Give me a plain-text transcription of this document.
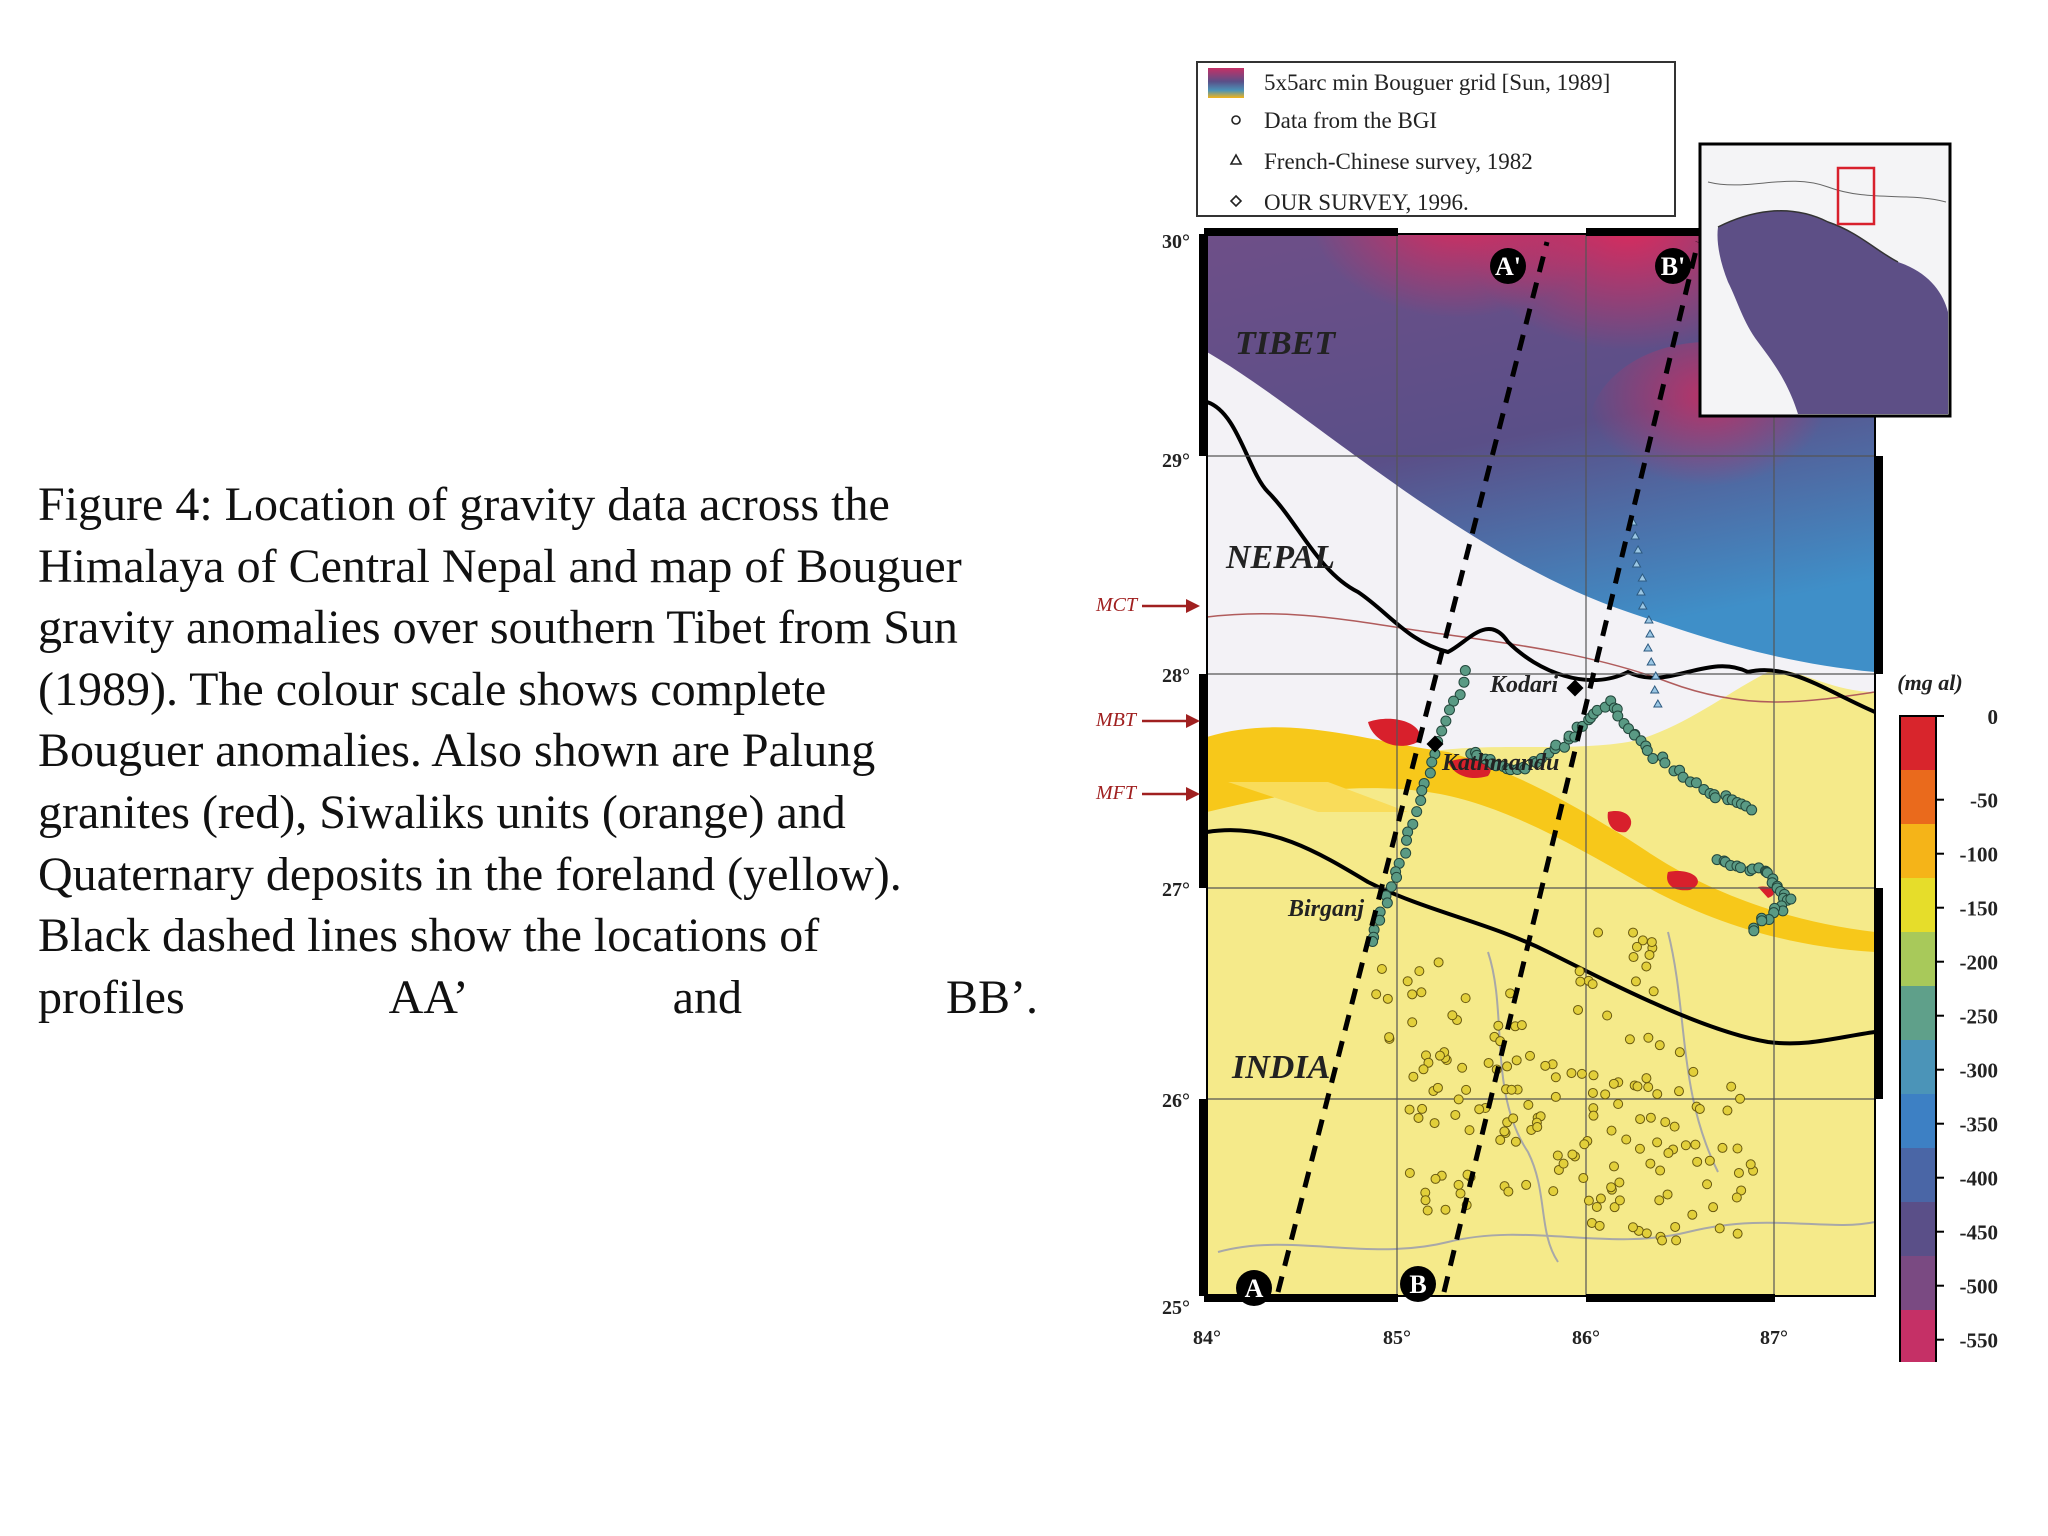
Figure 4: Location of gravity data across the
Himalaya of Central Nepal and map of Bouguer
gravity anomalies over southern Tibet from Sun
(1989). The colour scale shows complete
Bouguer anomalies. Also shown are Palung
granites (red), Siwaliks units (orange) and
Quaternary deposits in the foreland (yellow).
Black dashed lines show the locations of
profiles	AA’	and	BB’.
A
A'
B
B'
TIBET
NEPAL
INDIA
Kodari
Kathmandu
Birganj
30°
29°
28°
27°
26°
25°
84°	85°	86°	87°
MCT
MBT
MFT
5x5arc min Bouguer grid [Sun, 1989]
Data from the BGI
French-Chinese survey, 1982
OUR SURVEY, 1996.
(mg al)
0
-50
-100
-150
-200
-250
-300
-350
-400
-450
-500
-550
